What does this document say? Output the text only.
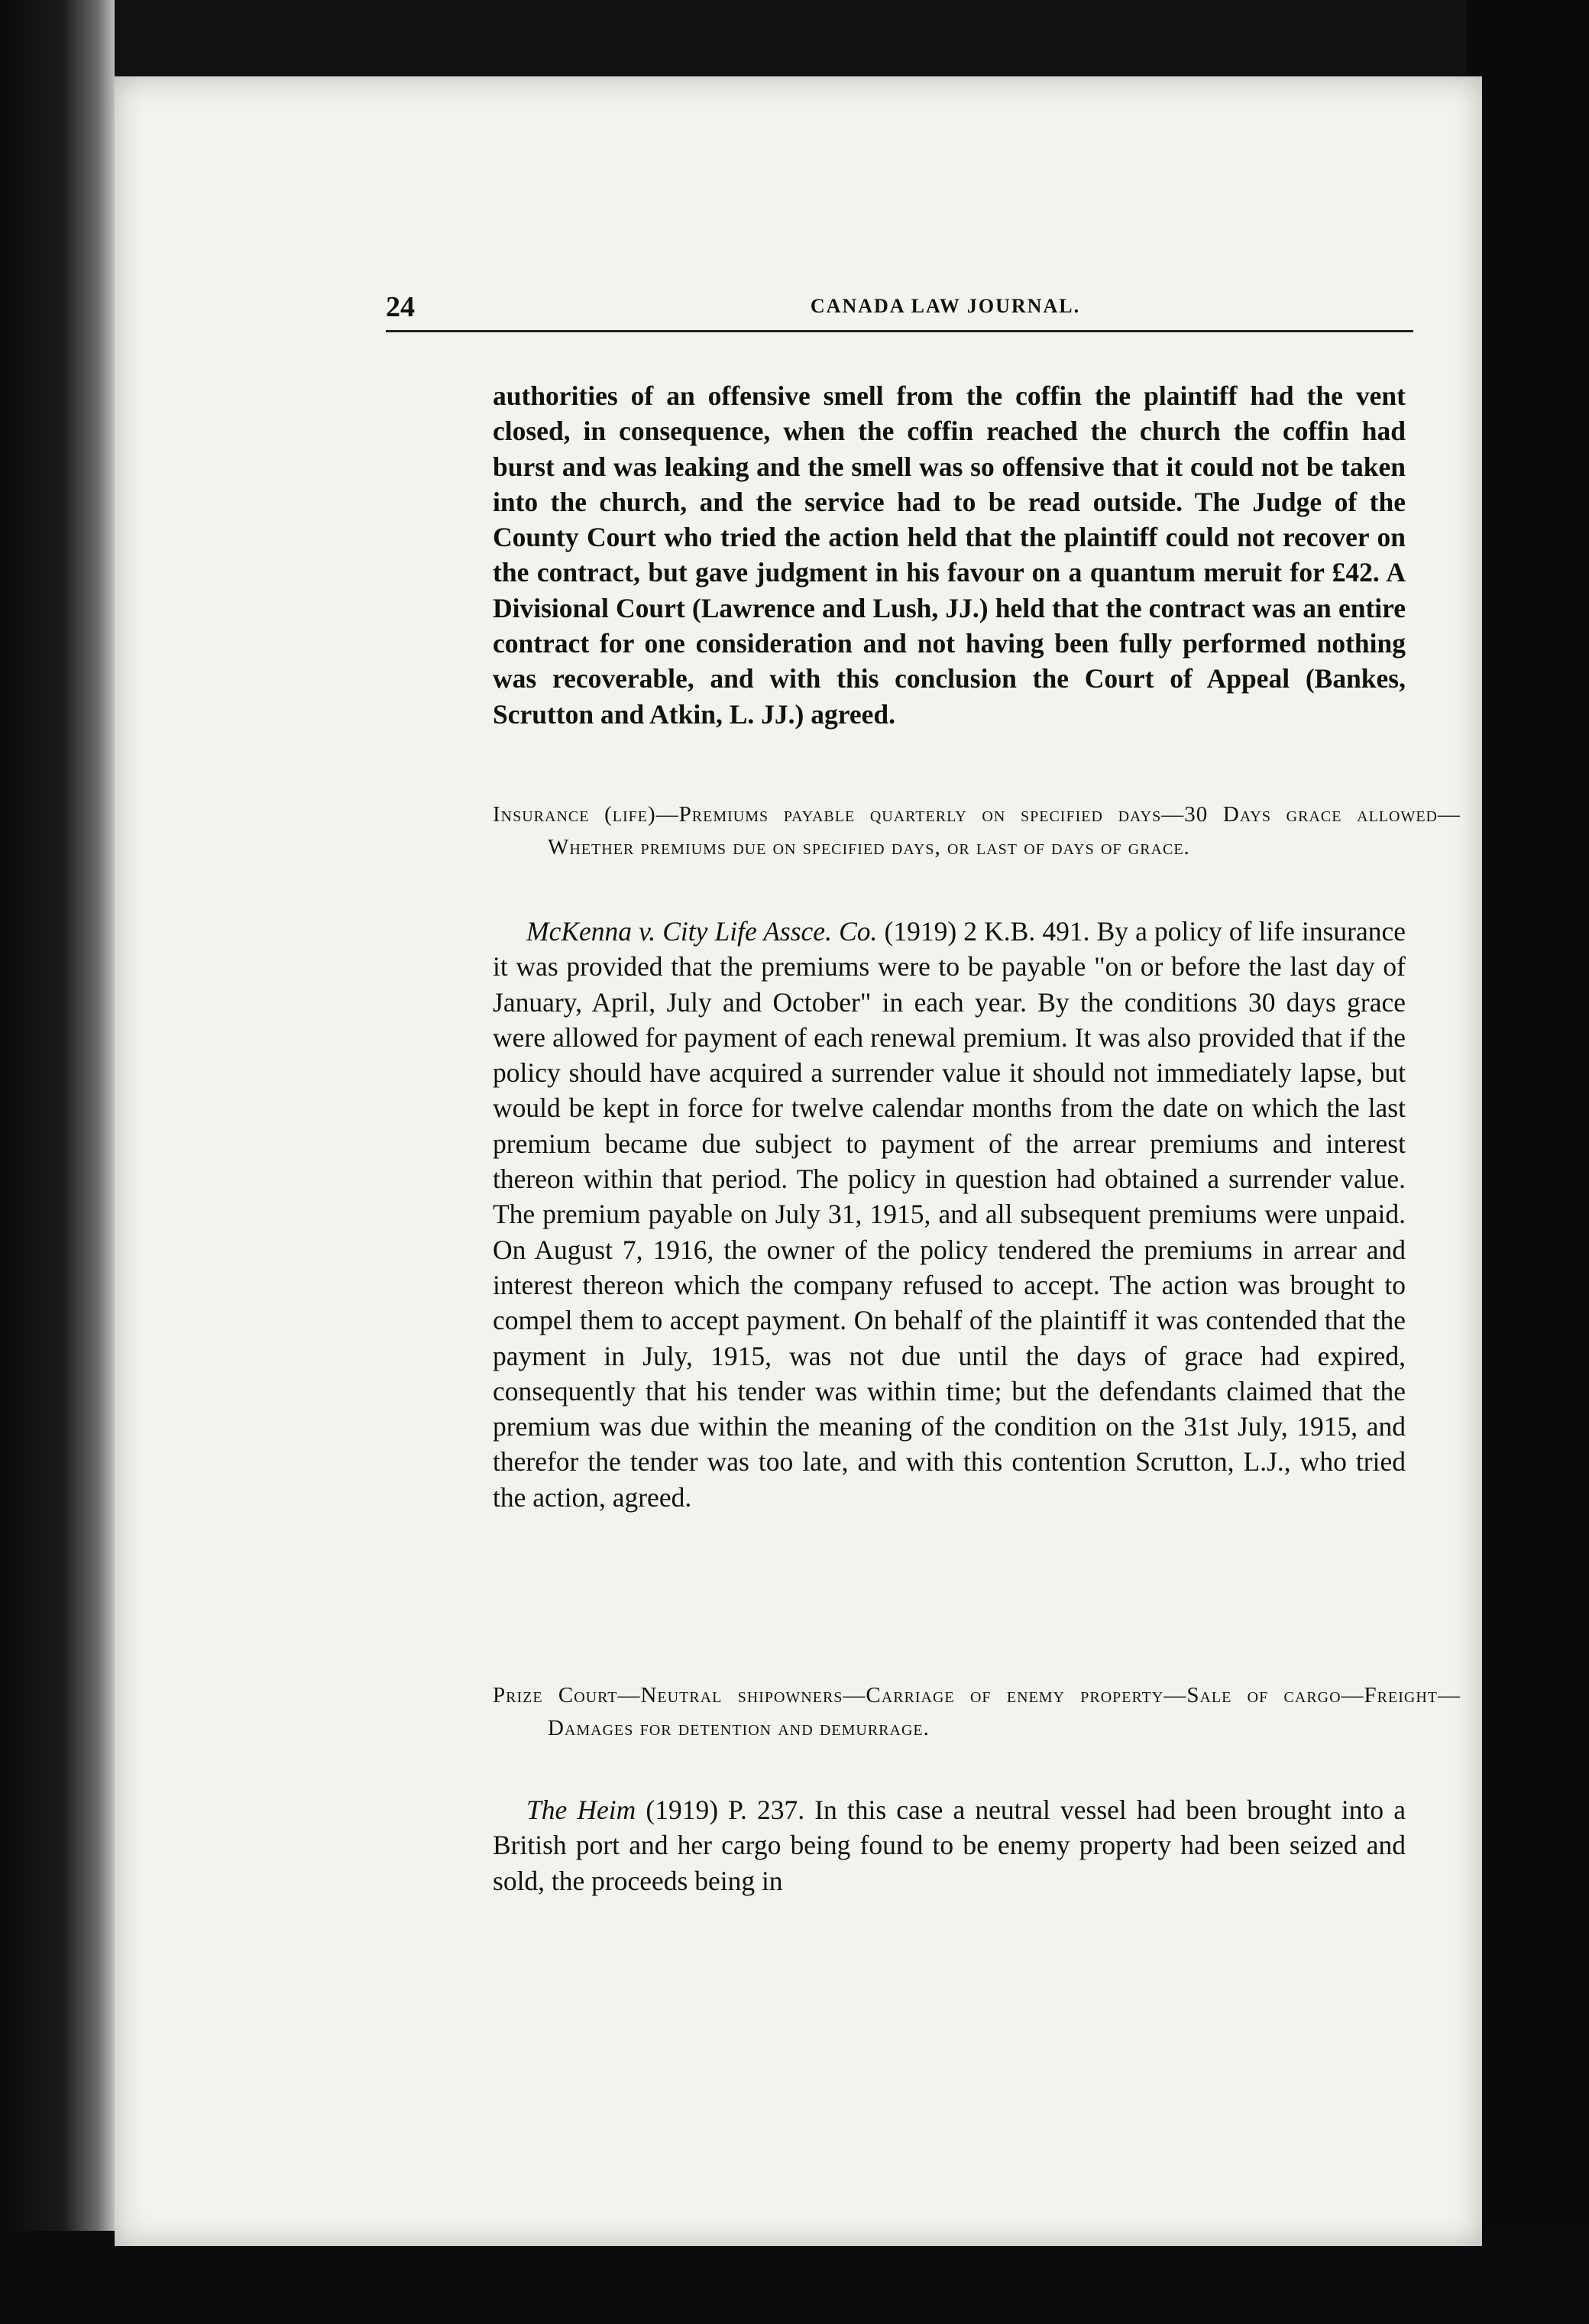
24	CANADA LAW JOURNAL.

authorities of an offensive smell from the coffin the plaintiff had the vent closed, in consequence, when the coffin reached the church the coffin had burst and was leaking and the smell was so offensive that it could not be taken into the church, and the service had to be read outside. The Judge of the County Court who tried the action held that the plaintiff could not recover on the contract, but gave judgment in his favour on a quantum meruit for £42. A Divisional Court (Lawrence and Lush, JJ.) held that the contract was an entire contract for one consideration and not having been fully performed nothing was recoverable, and with this conclusion the Court of Appeal (Bankes, Scrutton and Atkin, L. JJ.) agreed.

Insurance (life)—Premiums payable quarterly on specified days—30 Days grace allowed—Whether premiums due on specified days, or last of days of grace.

McKenna v. City Life Assce. Co. (1919) 2 K.B. 491. By a policy of life insurance it was provided that the premiums were to be payable "on or before the last day of January, April, July and October" in each year. By the conditions 30 days grace were allowed for payment of each renewal premium. It was also provided that if the policy should have acquired a surrender value it should not immediately lapse, but would be kept in force for twelve calendar months from the date on which the last premium became due subject to payment of the arrear premiums and interest thereon within that period. The policy in question had obtained a surrender value. The premium payable on July 31, 1915, and all subsequent premiums were unpaid. On August 7, 1916, the owner of the policy tendered the premiums in arrear and interest thereon which the company refused to accept. The action was brought to compel them to accept payment. On behalf of the plaintiff it was contended that the payment in July, 1915, was not due until the days of grace had expired, consequently that his tender was within time; but the defendants claimed that the premium was due within the meaning of the condition on the 31st July, 1915, and therefor the tender was too late, and with this contention Scrutton, L.J., who tried the action, agreed.

Prize Court—Neutral shipowners—Carriage of enemy property—Sale of cargo—Freight—Damages for detention and demurrage.

The Heim (1919) P. 237. In this case a neutral vessel had been brought into a British port and her cargo being found to be enemy property had been seized and sold, the proceeds being in
